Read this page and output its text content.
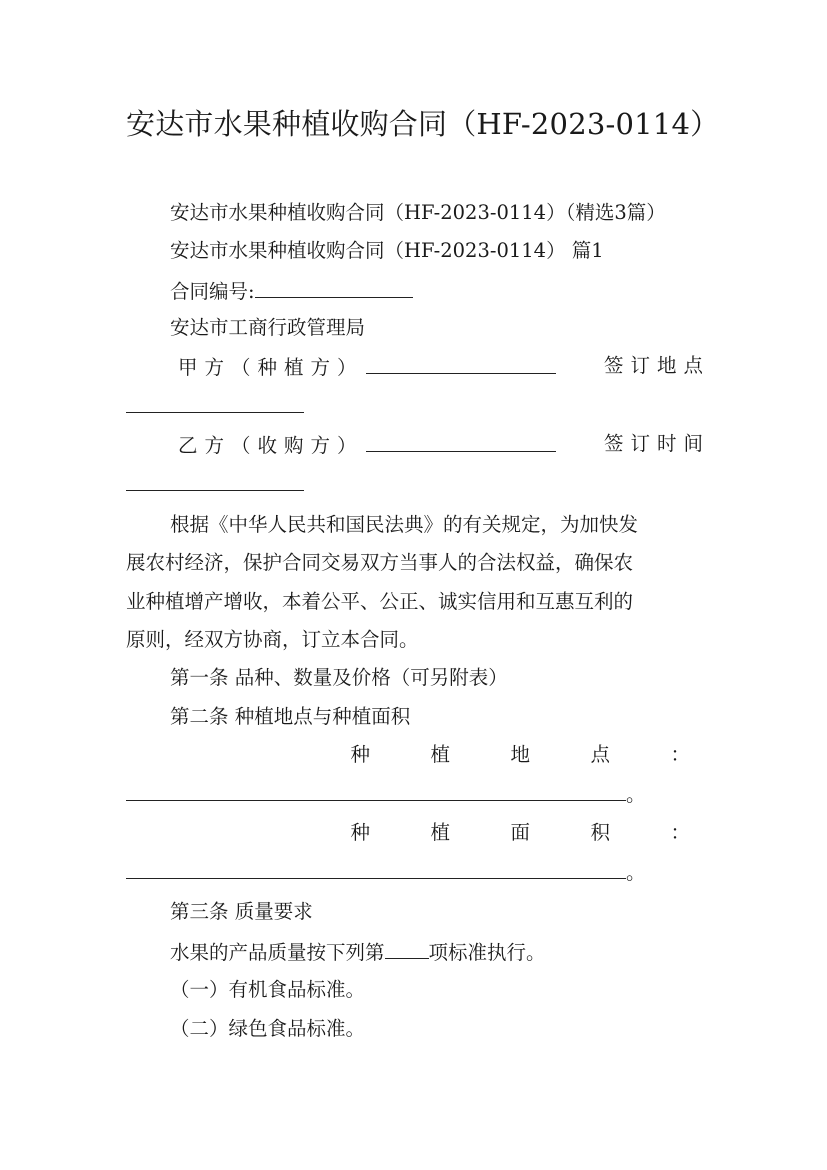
安达市水果种植收购合同（HF-2023-0114）
安达市水果种植收购合同（HF-2023-0114）（精选3篇）
安达市水果种植收购合同（HF-2023-0114） 篇1
合同编号:
安达市工商行政管理局
甲方（种植方）	签订地点
乙方（收购方）	签订时间
根据《中华人民共和国民法典》的有关规定，为加快发
展农村经济，保护合同交易双方当事人的合法权益，确保农
业种植增产增收，本着公平、公正、诚实信用和互惠互利的
原则，经双方协商，订立本合同。
第一条 品种、数量及价格（可另附表）
第二条 种植地点与种植面积
种	植	地	点	：
。
种	植	面	积	：
。
第三条 质量要求
水果的产品质量按下列第 项标准执行。
（一）有机食品标准。
（二）绿色食品标准。
